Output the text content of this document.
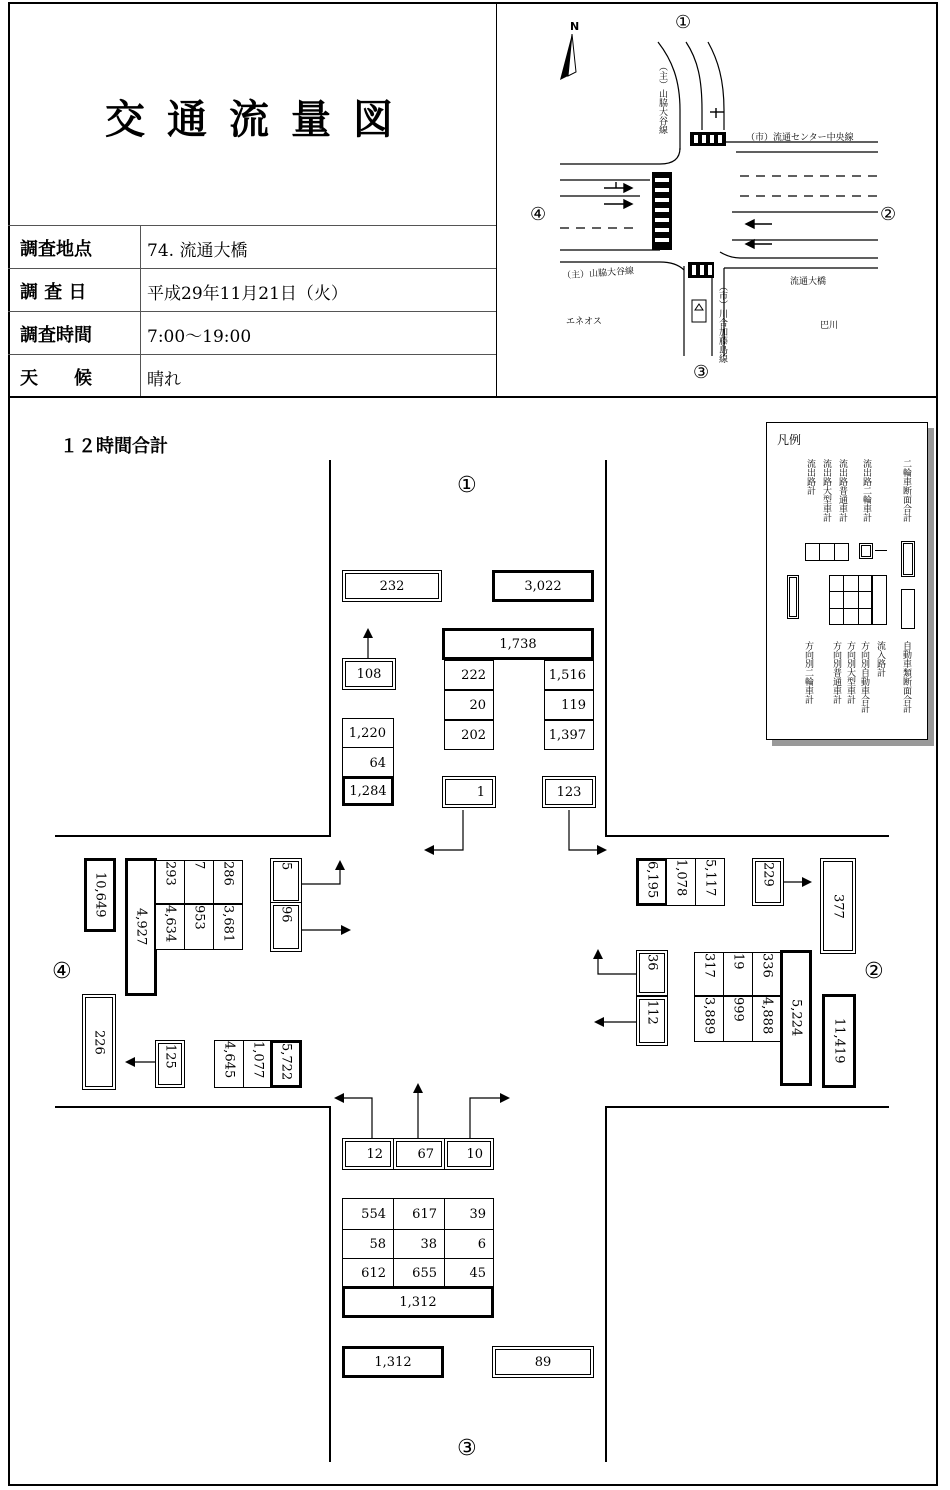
交通流量図
調査地点	74. 流通大橋
調 査 日	平成29年11月21日（火）
調査時間	7:00～19:00
天　　候	晴れ
N	①
②
③
④
（主）山脇大谷線
（市）流通センター中央線
（主）山脇大谷線
流通大橋
（市）川合加藤島線
エネオス	巴川
１２時間合計
①
②
③
④
232	3,022
108
1,738
222	1,516
20	119
202	1,397
1,220
64
1,284	1	123
10,649
4,927
293 7 286
4,634 953 3,681
5
96
226
125	4,645 1,077 5,722
6,195 1,078 5,117	229
377
36
112
317 19 336
3,889 999 4,888 5,224
11,419
12	67	10
554	617	39
58	38	6
612	655	45
1,312
1,312	89
凡例
流出路計 流出路大型車計 流出路普通車計 流出路二輪車計	二輪車断面合計
方向別二輪車計 方向別普通車計 方向別大型車計 方向別自動車合計 流入路計 自動車類断面合計
